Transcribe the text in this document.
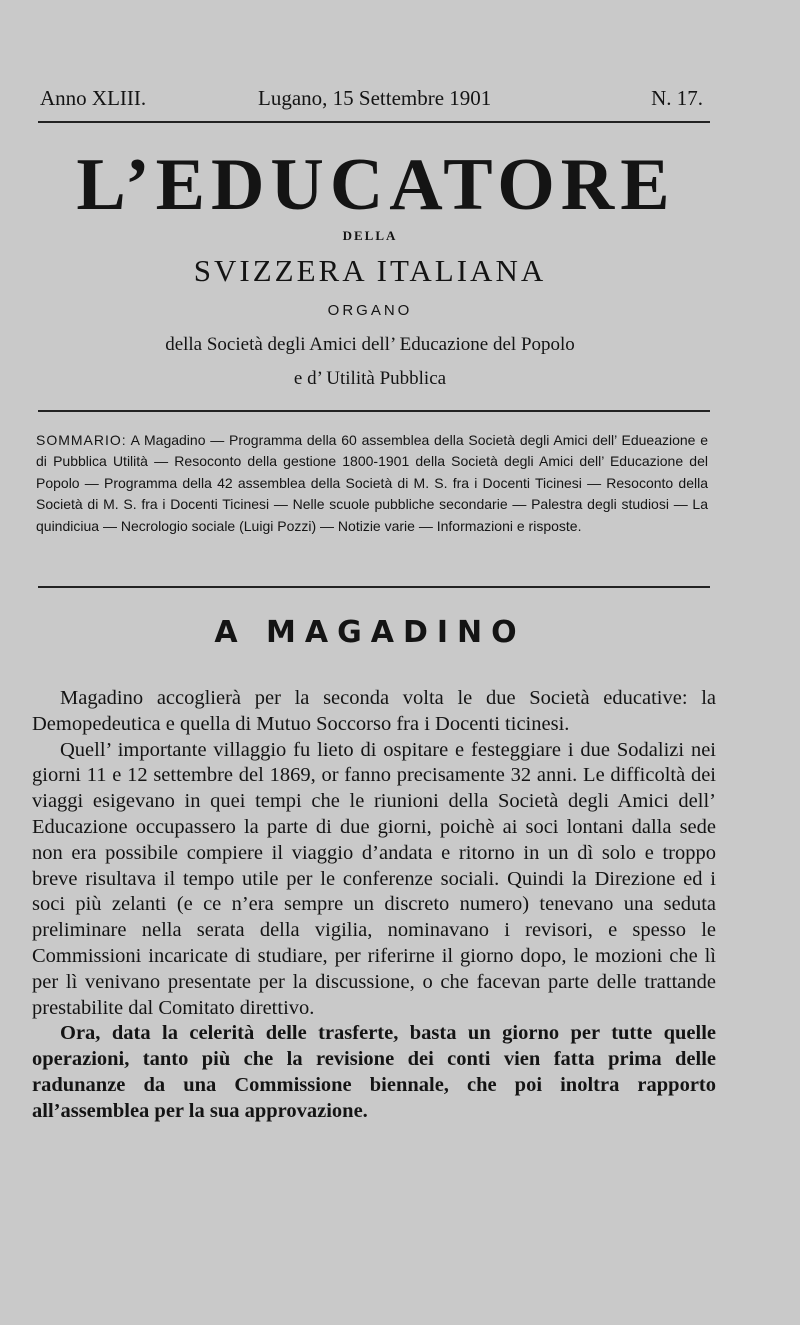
Anno XLIII.	Lugano, 15 Settembre 1901	N. 17.
L’EDUCATORE
DELLA
SVIZZERA ITALIANA
ORGANO
della Società degli Amici dell’ Educazione del Popolo
e d’ Utilità Pubblica
SOMMARIO: A Magadino — Programma della 60 assemblea della Società degli Amici dell’ Edueazione e di Pubblica Utilità — Resoconto della gestione 1800-1901 della Società degli Amici dell’ Educazione del Popolo — Programma della 42 assemblea della Società di M. S. fra i Docenti Ticinesi — Resoconto della Società di M. S. fra i Docenti Ticinesi — Nelle scuole pubbliche secondarie — Palestra degli studiosi — La quindiciua — Necrologio sociale (Luigi Pozzi) — Notizie varie — Informazioni e risposte.
A MAGADINO

Magadino accoglierà per la seconda volta le due Società educative: la Demopedeutica e quella di Mutuo Soccorso fra i Docenti ticinesi.

Quell’ importante villaggio fu lieto di ospitare e festeggiare i due Sodalizi nei giorni 11 e 12 settembre del 1869, or fanno precisamente 32 anni. Le difficoltà dei viaggi esigevano in quei tempi che le riunioni della Società degli Amici dell’ Educazione occupassero la parte di due giorni, poichè ai soci lontani dalla sede non era possibile compiere il viaggio d’andata e ritorno in un dì solo e troppo breve risultava il tempo utile per le conferenze sociali. Quindi la Direzione ed i soci più zelanti (e ce n’era sempre un discreto numero) tenevano una seduta preliminare nella serata della vigilia, nominavano i revisori, e spesso le Commissioni incaricate di studiare, per riferirne il giorno dopo, le mozioni che lì per lì venivano presentate per la discussione, o che facevan parte delle trattande prestabilite dal Comitato direttivo.

Ora, data la celerità delle trasferte, basta un giorno per tutte quelle operazioni, tanto più che la revisione dei conti vien fatta prima delle radunanze da una Commissione biennale, che poi inoltra rapporto all’assemblea per la sua approvazione.
